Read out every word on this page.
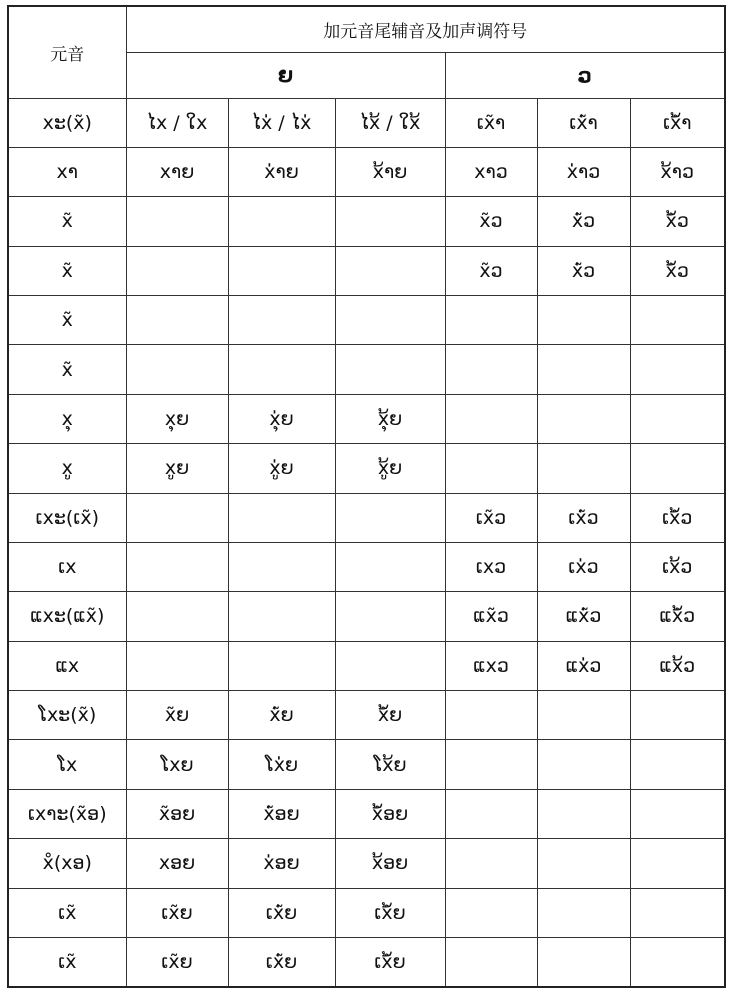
元音	加元音尾辅音及加声调符号					
	ຍ			ວ		
xະ(x̃)	ໄx / ໃx	ໄx່ / ໄx່	ໄx້ / ໃx້	ເx̃າ	ເx່̃າ	ເx້̃າ
xາ	xາຍ	x່າຍ	x້າຍ	xາວ	x່າວ	x້າວ
x̃				x̃ວ	x່̃ວ	x້̃ວ
x̃				x̃ວ	x່̃ວ	x້̃ວ
x̃						
x̃						
xຸ	xຸຍ	xຸ່ຍ	xຸ້ຍ			
xູ	xູຍ	xູ່ຍ	xູ້ຍ			
ເxະ(ເx̃)				ເx̃ວ	ເx່̃ວ	ເx້̃ວ
ເx				ເxວ	ເx່ວ	ເx້ວ
ແxະ(ແx̃)				ແx̃ວ	ແx່̃ວ	ແx້̃ວ
ແx				ແxວ	ແx່ວ	ແx້ວ
ໂxະ(x̃)	x̃ຍ	x່̃ຍ	x້̃ຍ			
ໂx	ໂxຍ	ໂx່ຍ	ໂx້ຍ			
ເxາະ(x̃ອ)	x̃ອຍ	x່̃ອຍ	x້̃ອຍ			
x̊(xອ)	xອຍ	x່ອຍ	x້ອຍ			
ເx̃	ເx̃ຍ	ເx່̃ຍ	ເx້̃ຍ			
ເx̃	ເx̃ຍ	ເx່̃ຍ	ເx້̃ຍ			
